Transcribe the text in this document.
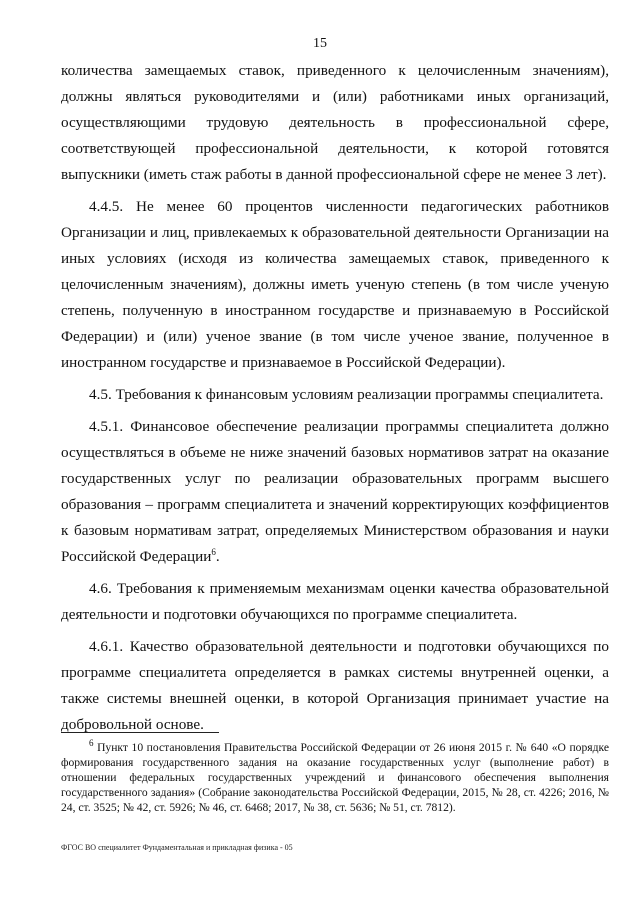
15

количества замещаемых ставок, приведенного к целочисленным значениям), должны являться руководителями и (или) работниками иных организаций, осуществляющими трудовую деятельность в профессиональной сфере, соответствующей профессиональной деятельности, к которой готовятся выпускники (иметь стаж работы в данной профессиональной сфере не менее 3 лет).

4.4.5. Не менее 60 процентов численности педагогических работников Организации и лиц, привлекаемых к образовательной деятельности Организации на иных условиях (исходя из количества замещаемых ставок, приведенного к целочисленным значениям), должны иметь ученую степень (в том числе ученую степень, полученную в иностранном государстве и признаваемую в Российской Федерации) и (или) ученое звание (в том числе ученое звание, полученное в иностранном государстве и признаваемое в Российской Федерации).

4.5. Требования к финансовым условиям реализации программы специалитета.

4.5.1. Финансовое обеспечение реализации программы специалитета должно осуществляться в объеме не ниже значений базовых нормативов затрат на оказание государственных услуг по реализации образовательных программ высшего образования – программ специалитета и значений корректирующих коэффициентов к базовым нормативам затрат, определяемых Министерством образования и науки Российской Федерации$^6$.

4.6. Требования к применяемым механизмам оценки качества образовательной деятельности и подготовки обучающихся по программе специалитета.

4.6.1. Качество образовательной деятельности и подготовки обучающихся по программе специалитета определяется в рамках системы внутренней оценки, а также системы внешней оценки, в которой Организация принимает участие на добровольной основе.

$^6$ Пункт 10 постановления Правительства Российской Федерации от 26 июня 2015 г. № 640 «О порядке формирования государственного задания на оказание государственных услуг (выполнение работ) в отношении федеральных государственных учреждений и финансового обеспечения выполнения государственного задания» (Собрание законодательства Российской Федерации, 2015, № 28, ст. 4226; 2016, № 24, ст. 3525; № 42, ст. 5926; № 46, ст. 6468; 2017, № 38, ст. 5636; № 51, ст. 7812).

ФГОС ВО специалитет Фундаментальная и прикладная физика - 05
